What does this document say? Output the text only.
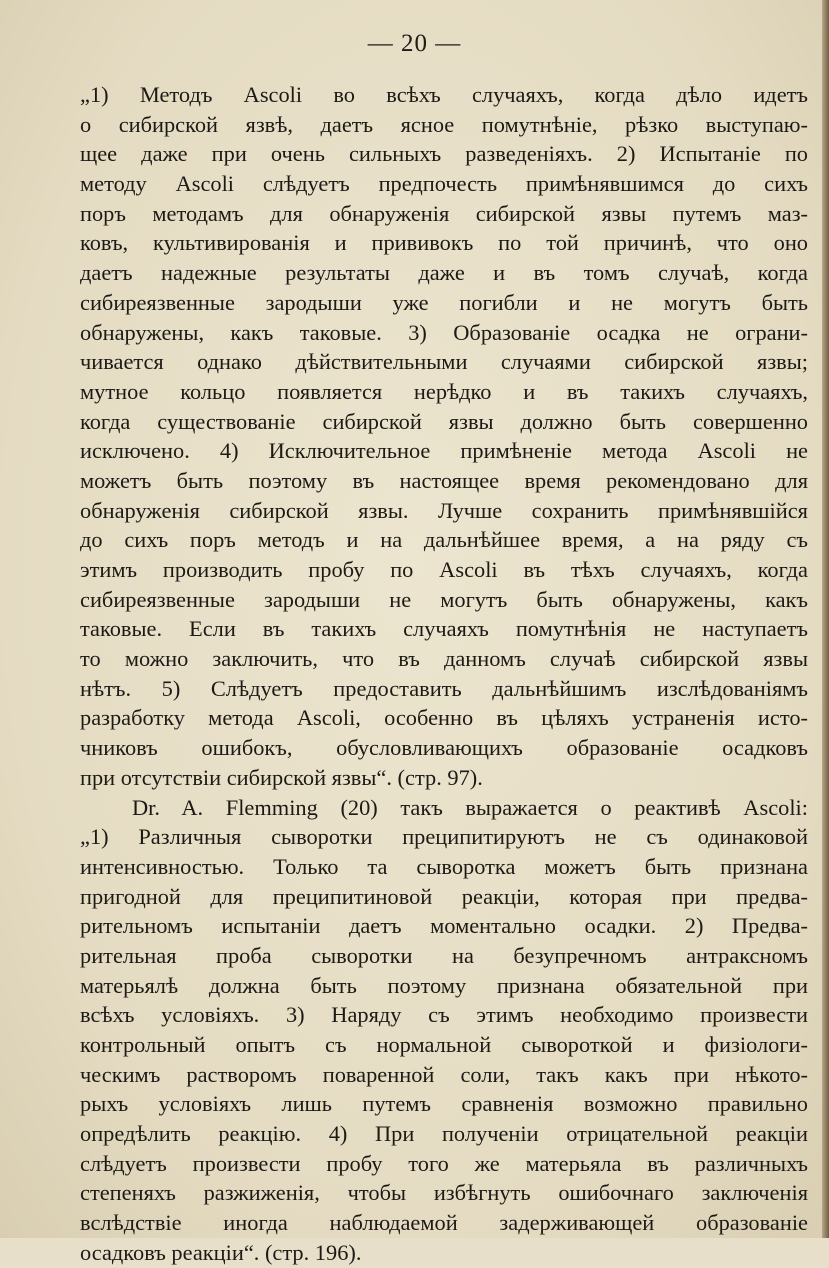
— 20 —
„1) Методъ Ascoli во всѣхъ случаяхъ, когда дѣло идетъ
о сибирской язвѣ, даетъ ясное помутнѣніе, рѣзко выступаю-
щее даже при очень сильныхъ разведеніяхъ. 2) Испытаніе по
методу Ascoli слѣдуетъ предпочесть примѣнявшимся до сихъ
поръ методамъ для обнаруженія сибирской язвы путемъ маз-
ковъ, культивированія и прививокъ по той причинѣ, что оно
даетъ надежные результаты даже и въ томъ случаѣ, когда
сибиреязвенные зародыши уже погибли и не могутъ быть
обнаружены, какъ таковые. 3) Образованіе осадка не ограни-
чивается однако дѣйствительными случаями сибирской язвы;
мутное кольцо появляется нерѣдко и въ такихъ случаяхъ,
когда существованіе сибирской язвы должно быть совершенно
исключено. 4) Исключительное примѣненіе метода Ascoli не
можетъ быть поэтому въ настоящее время рекомендовано для
обнаруженія сибирской язвы. Лучше сохранить примѣнявшійся
до сихъ поръ методъ и на дальнѣйшее время, а на ряду съ
этимъ производить пробу по Ascoli въ тѣхъ случаяхъ, когда
сибиреязвенные зародыши не могутъ быть обнаружены, какъ
таковые. Если въ такихъ случаяхъ помутнѣнія не наступаетъ
то можно заключить, что въ данномъ случаѣ сибирской язвы
нѣтъ. 5) Слѣдуетъ предоставить дальнѣйшимъ изслѣдованіямъ
разработку метода Ascoli, особенно въ цѣляхъ устраненія исто-
чниковъ ошибокъ, обусловливающихъ образованіе осадковъ
при отсутствіи сибирской язвы“. (стр. 97).
Dr. A. Flemming (20) такъ выражается о реактивѣ Ascoli:
„1) Различныя сыворотки преципитируютъ не съ одинаковой
интенсивностью. Только та сыворотка можетъ быть признана
пригодной для преципитиновой реакціи, которая при предва-
рительномъ испытаніи даетъ моментально осадки. 2) Предва-
рительная проба сыворотки на безупречномъ антраксномъ
матерьялѣ должна быть поэтому признана обязательной при
всѣхъ условіяхъ. 3) Наряду съ этимъ необходимо произвести
контрольный опытъ съ нормальной сывороткой и физіологи-
ческимъ растворомъ поваренной соли, такъ какъ при нѣкото-
рыхъ условіяхъ лишь путемъ сравненія возможно правильно
опредѣлить реакцію. 4) При полученіи отрицательной реакціи
слѣдуетъ произвести пробу того же матерьяла въ различныхъ
степеняхъ разжиженія, чтобы избѣгнуть ошибочнаго заключенія
вслѣдствіе иногда наблюдаемой задерживающей образованіе
осадковъ реакціи“. (стр. 196).
